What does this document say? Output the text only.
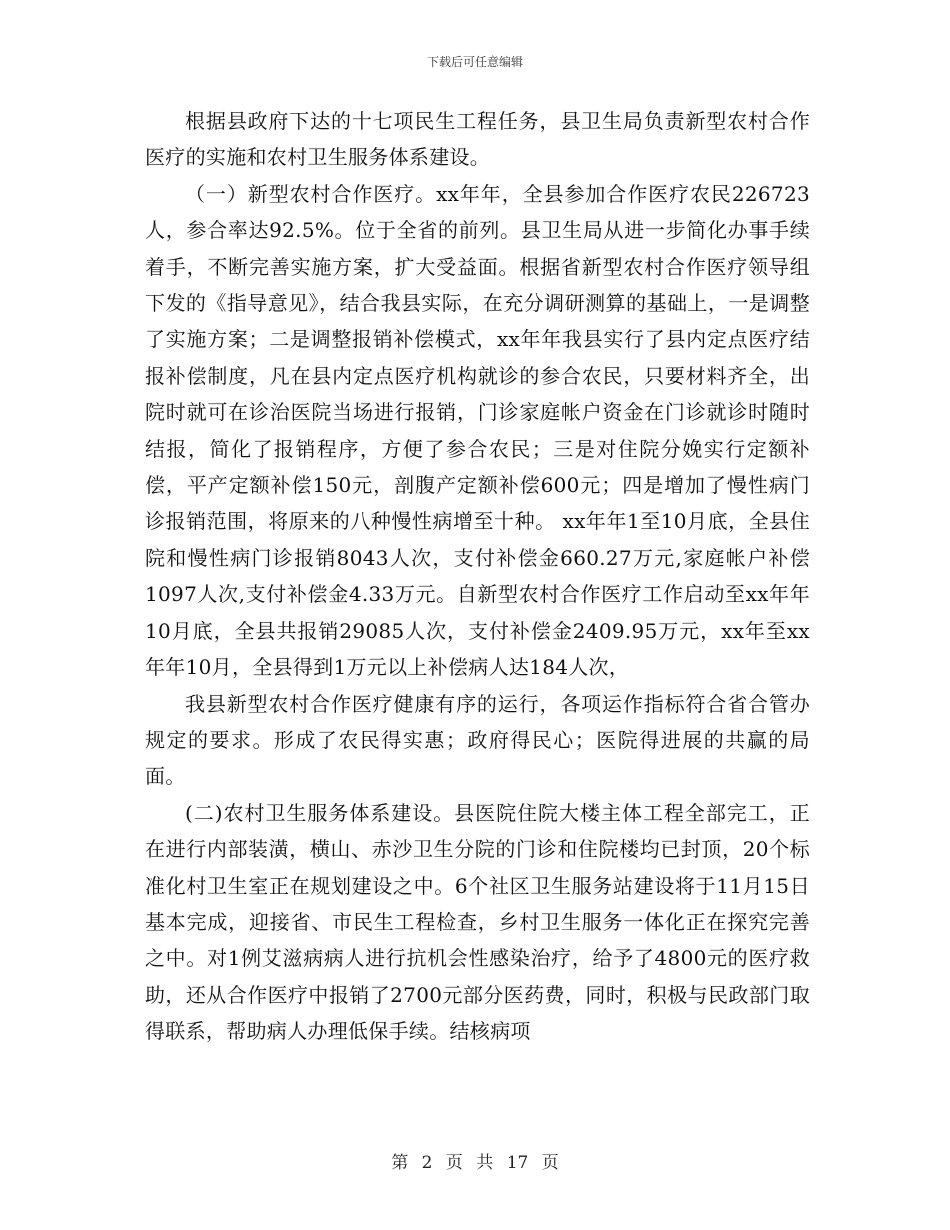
下载后可任意编辑

根据县政府下达的十七项民生工程任务，县卫生局负责新型农村合作医疗的实施和农村卫生服务体系建设。

（一）新型农村合作医疗。xx年年，全县参加合作医疗农民226723人，参合率达92.5%。位于全省的前列。县卫生局从进一步简化办事手续着手，不断完善实施方案，扩大受益面。根据省新型农村合作医疗领导组下发的《指导意见》，结合我县实际，在充分调研测算的基础上，一是调整了实施方案；二是调整报销补偿模式，xx年年我县实行了县内定点医疗结报补偿制度，凡在县内定点医疗机构就诊的参合农民，只要材料齐全，出院时就可在诊治医院当场进行报销，门诊家庭帐户资金在门诊就诊时随时结报，简化了报销程序，方便了参合农民；三是对住院分娩实行定额补偿，平产定额补偿150元，剖腹产定额补偿600元；四是增加了慢性病门诊报销范围，将原来的八种慢性病增至十种。 xx年年1至10月底，全县住院和慢性病门诊报销8043人次，支付补偿金660.27万元,家庭帐户补偿1097人次,支付补偿金4.33万元。自新型农村合作医疗工作启动至xx年年10月底，全县共报销29085人次，支付补偿金2409.95万元，xx年至xx年年10月，全县得到1万元以上补偿病人达184人次，

我县新型农村合作医疗健康有序的运行，各项运作指标符合省合管办规定的要求。形成了农民得实惠；政府得民心；医院得进展的共赢的局面。

(二)农村卫生服务体系建设。县医院住院大楼主体工程全部完工，正在进行内部装潢，横山、赤沙卫生分院的门诊和住院楼均已封顶，20个标准化村卫生室正在规划建设之中。6个社区卫生服务站建设将于11月15日基本完成，迎接省、市民生工程检查，乡村卫生服务一体化正在探究完善之中。对1例艾滋病病人进行抗机会性感染治疗，给予了4800元的医疗救助，还从合作医疗中报销了2700元部分医药费，同时，积极与民政部门取得联系，帮助病人办理低保手续。结核病项

第 2 页 共 17 页
